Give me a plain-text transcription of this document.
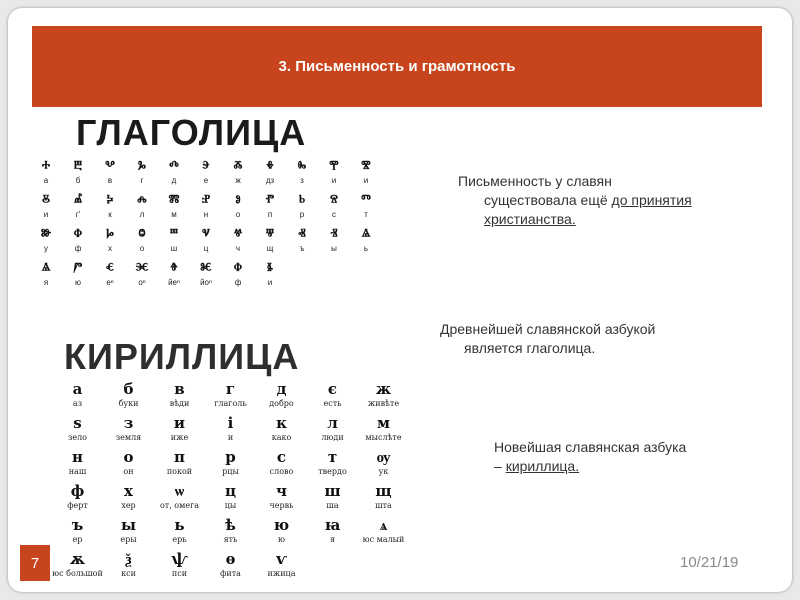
3. Письменность и грамотность
ГЛАГОЛИЦА
ⰰ
а
ⰱ
б
ⰲ
в
ⰳ
г
ⰴ
д
ⰵ
е
ⰶ
ж
ⰷ
дз
ⰸ
з
ⰹ
и
ⰺ
и
ⰻ
и
ⰼ
г'
ⰽ
к
ⰾ
л
ⰿ
м
ⱀ
н
ⱁ
о
ⱂ
п
ⱃ
р
ⱄ
с
ⱅ
т
ⱆ
у
ⱇ
ф
ⱈ
х
ⱉ
о
ⱎ
ш
ⱌ
ц
ⱍ
ч
ⱋ
щ
ⱏ
ъ
ⱐ
ы
ⱑ
ь
ⱑ
я
ⱓ
ю
ⱔ
еⁿ
ⱗ
оⁿ
ⱖ
йеⁿ
ⱘ
йоⁿ
ⱇ
ф
ⱛ
и
КИРИЛЛИЦА
а
аз
б
буки
в
вѣди
г
глаголь
д
добро
є
есть
ж
живѣте
ѕ
зело
з
земля
и
иже
і
и
к
како
л
люди
м
мыслѣте
н
наш
о
он
п
покой
р
рцы
с
слово
т
твердо
ѹ
ук
ф
ферт
х
хер
ѡ
от, омега
ц
цы
ч
червь
ш
ша
щ
шта
ъ
ер
ы
еры
ь
ерь
ѣ
ять
ю
ю
ꙗ
я
ѧ
юс малый
ѫ
юс большой
ѯ
кси
ѱ
пси
ѳ
фита
ѵ
ижица
Письменность у славян
существовала ещё до принятия
христианства.
Древнейшей славянской азбукой
является глаголица.
Новейшая славянская азбука
– кириллица.
7	10/21/19
